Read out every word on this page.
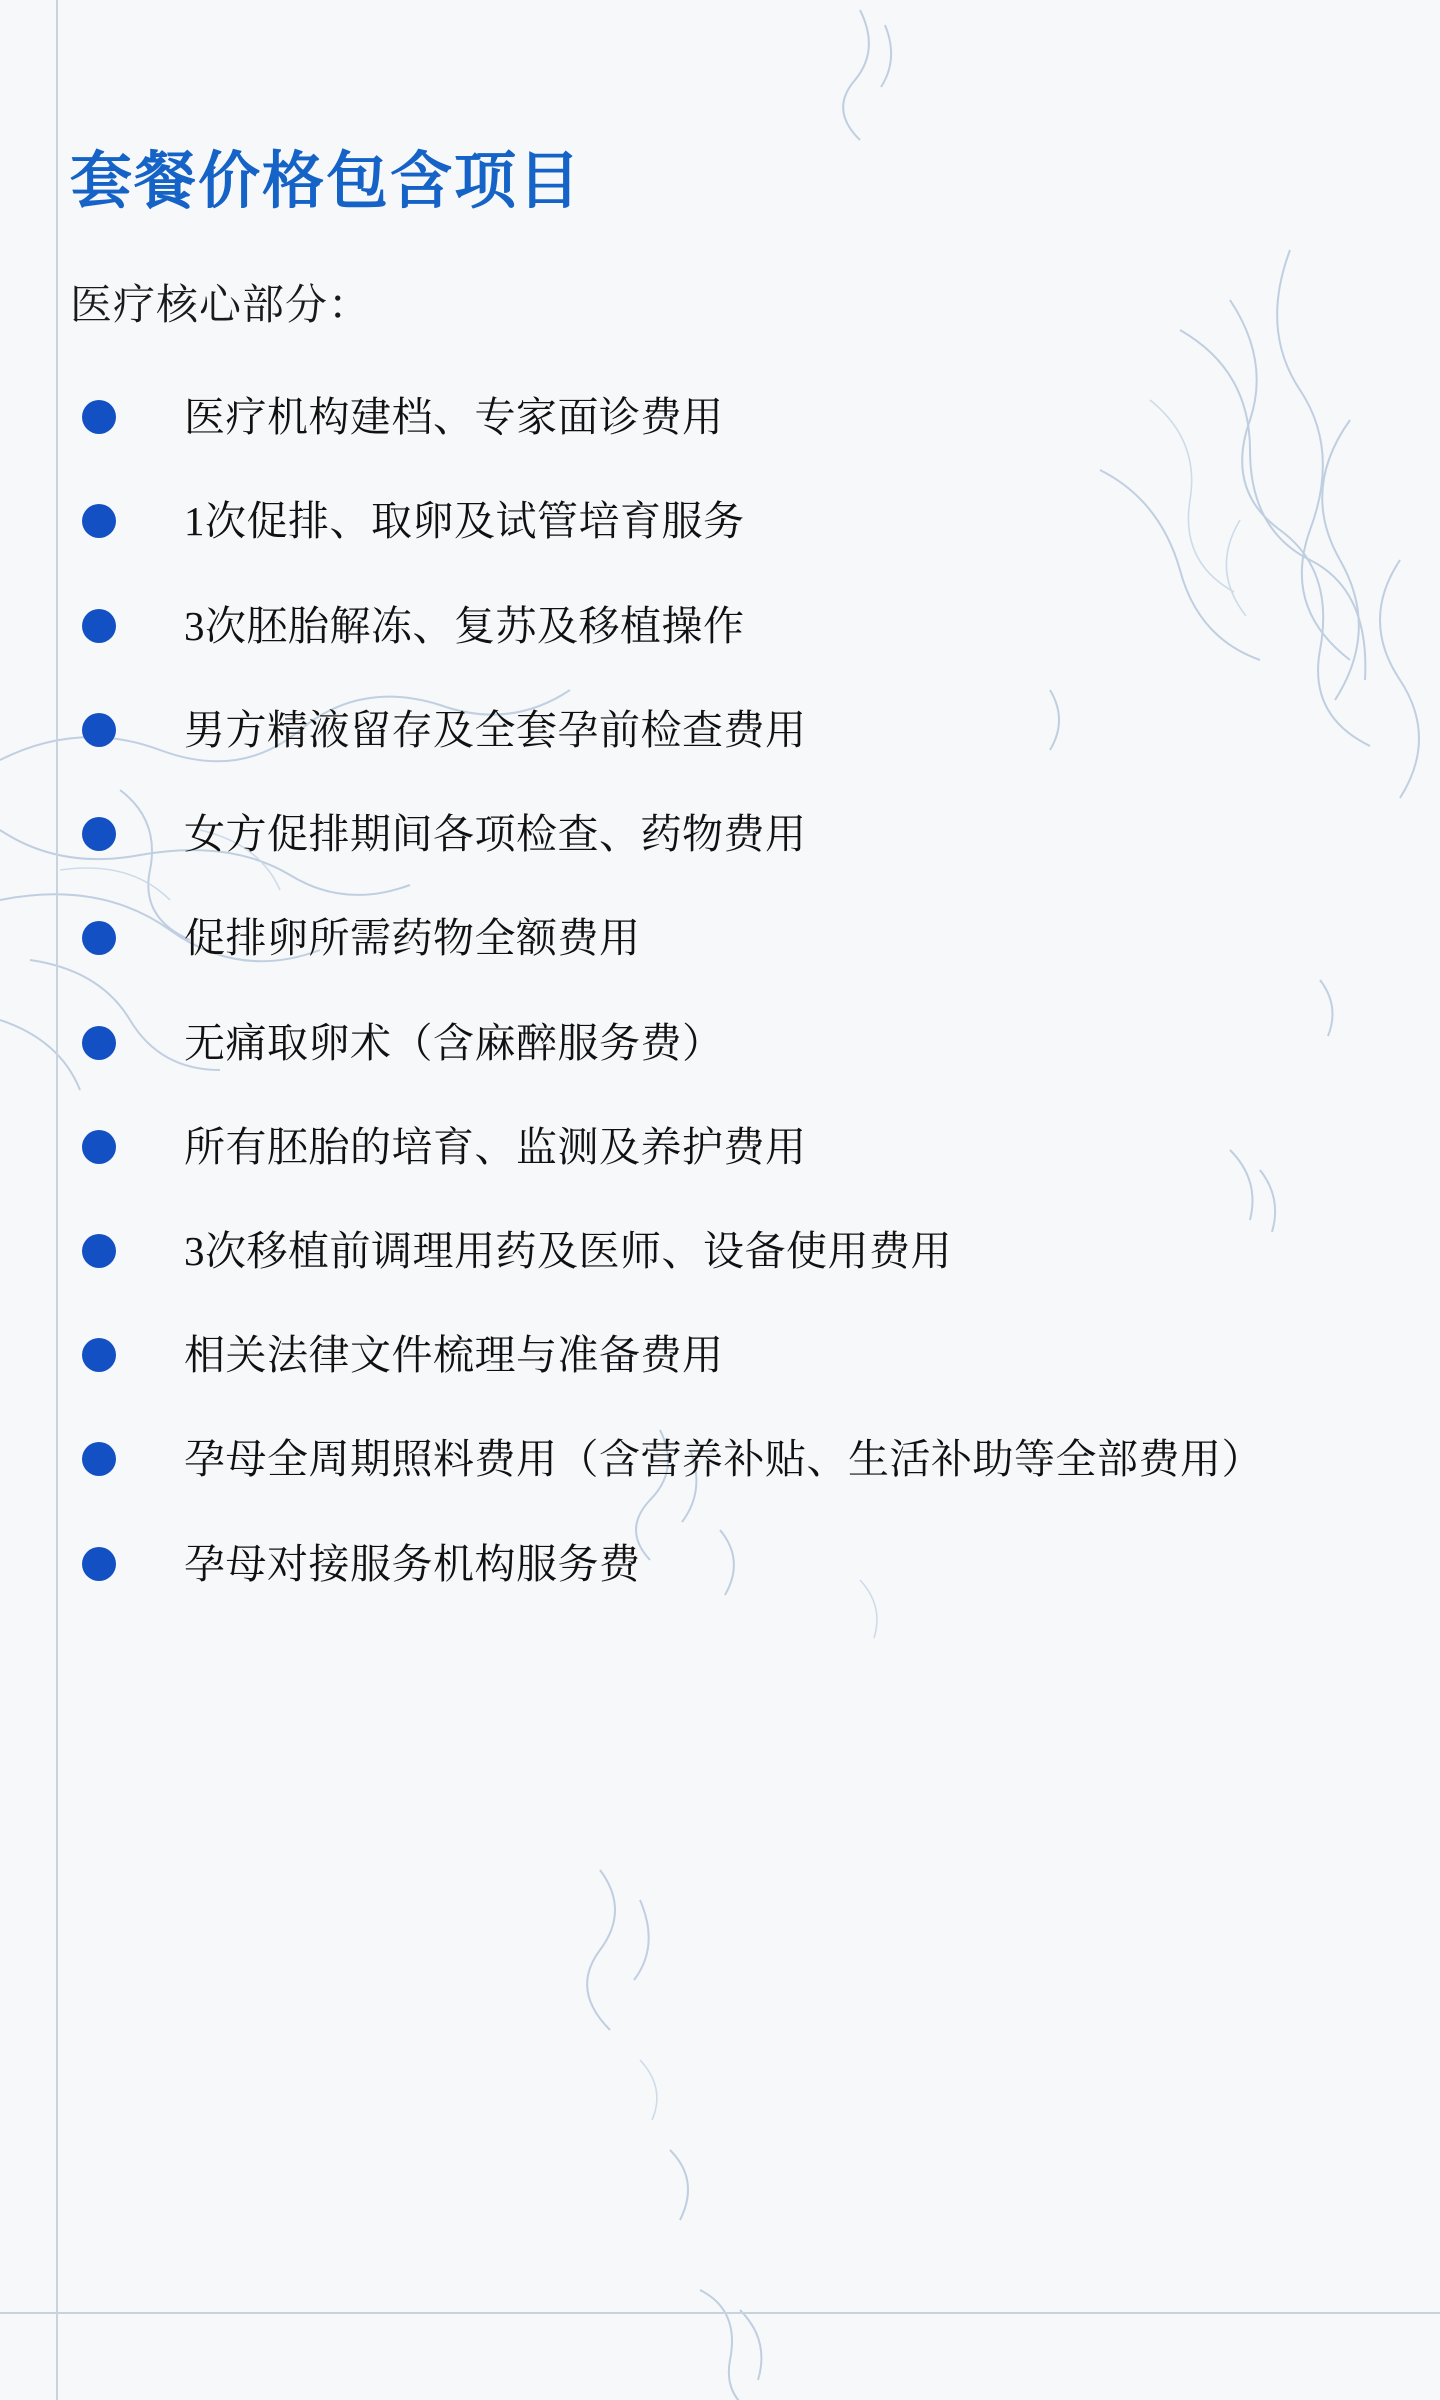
套餐价格包含项目

医疗核心部分：

医疗机构建档、专家面诊费用
1次促排、取卵及试管培育服务
3次胚胎解冻、复苏及移植操作
男方精液留存及全套孕前检查费用
女方促排期间各项检查、药物费用
促排卵所需药物全额费用
无痛取卵术（含麻醉服务费）
所有胚胎的培育、监测及养护费用
3次移植前调理用药及医师、设备使用费用
相关法律文件梳理与准备费用
孕母全周期照料费用（含营养补贴、生活补助等全部费用）
孕母对接服务机构服务费
